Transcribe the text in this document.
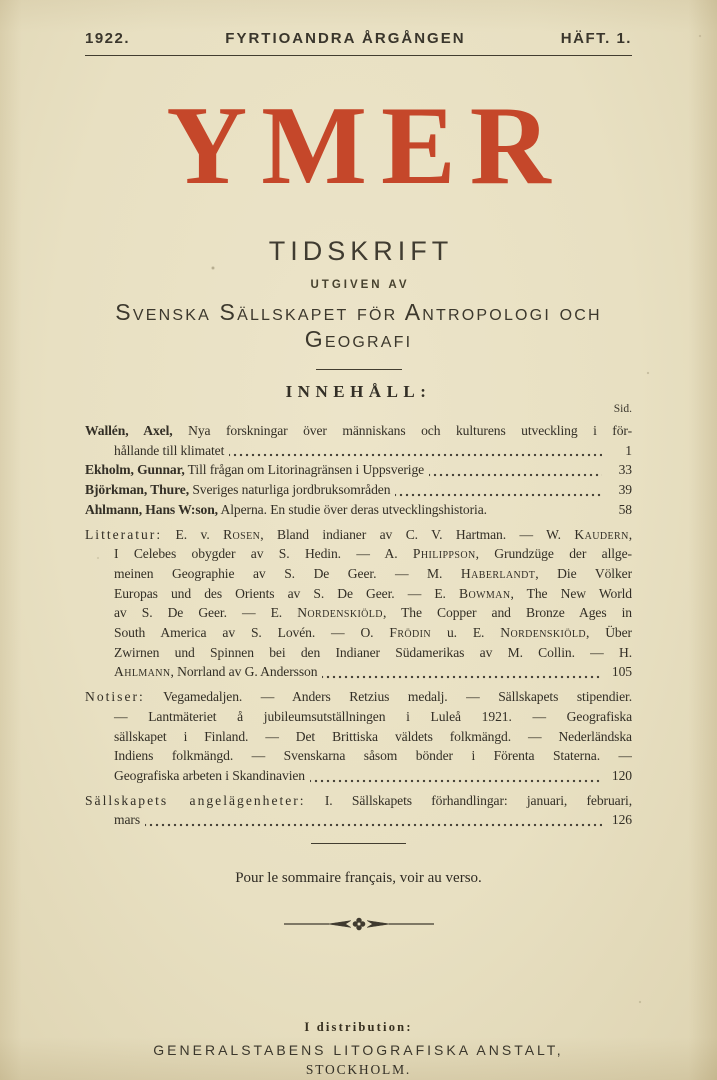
1922.	FYRTIOANDRA ÅRGÅNGEN	HÄFT. 1.
YMER
TIDSKRIFT
UTGIVEN AV
Svenska Sällskapet för Antropologi och Geografi
INNEHÅLL:
Sid.
Wallén, Axel, Nya forskningar över människans och kulturens utveckling i för-
hållande till klimatet	1
Ekholm, Gunnar, Till frågan om Litorinagränsen i Uppsverige	33
Björkman, Thure, Sveriges naturliga jordbruksområden	39
Ahlmann, Hans W:son, Alperna. En studie över deras utvecklingshistoria.	58
Litteratur: E. v. Rosen, Bland indianer av C. V. Hartman. — W. Kaudern,
I Celebes obygder av S. Hedin. — A. Philippson, Grundzüge der allge-
meinen Geographie av S. De Geer. — M. Haberlandt, Die Völker
Europas und des Orients av S. De Geer. — E. Bowman, The New World
av S. De Geer. — E. Nordenskiöld, The Copper and Bronze Ages in
South America av S. Lovén. — O. Frödin u. E. Nordenskiöld, Über
Zwirnen und Spinnen bei den Indianer Südamerikas av M. Collin. — H.
Ahlmann, Norrland av G. Andersson	105
Notiser: Vegamedaljen. — Anders Retzius medalj. — Sällskapets stipendier.
— Lantmäteriet å jubileumsutställningen i Luleå 1921. — Geografiska
sällskapet i Finland. — Det Brittiska väldets folkmängd. — Nederländska
Indiens folkmängd. — Svenskarna såsom bönder i Förenta Staterna. —
Geografiska arbeten i Skandinavien	120
Sällskapets angelägenheter: I. Sällskapets förhandlingar: januari, februari,
mars	126
Pour le sommaire français, voir au verso.
I distribution:
GENERALSTABENS LITOGRAFISKA ANSTALT,
STOCKHOLM.
